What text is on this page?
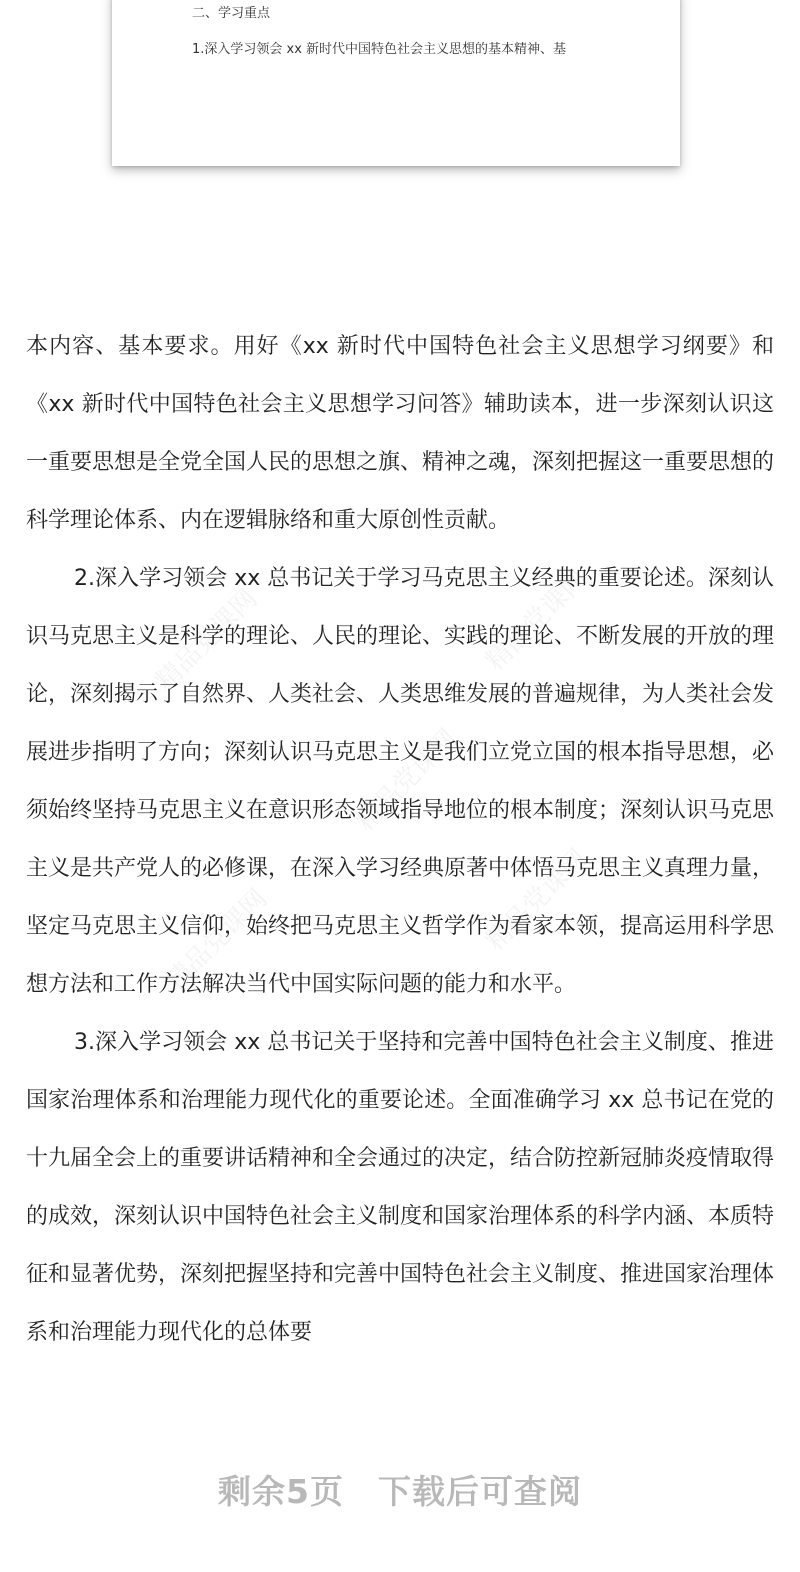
精品党课网	精品党课网
精品党课网
精品党课网	精品党课网
二、学习重点
1.深入学习领会 xx 新时代中国特色社会主义思想的基本精神、基

本内容、基本要求。用好《xx 新时代中国特色社会主义思想学习纲要》和《xx 新时代中国特色社会主义思想学习问答》辅助读本，进一步深刻认识这一重要思想是全党全国人民的思想之旗、精神之魂，深刻把握这一重要思想的科学理论体系、内在逻辑脉络和重大原创性贡献。

2.深入学习领会 xx 总书记关于学习马克思主义经典的重要论述。深刻认识马克思主义是科学的理论、人民的理论、实践的理论、不断发展的开放的理论，深刻揭示了自然界、人类社会、人类思维发展的普遍规律，为人类社会发展进步指明了方向；深刻认识马克思主义是我们立党立国的根本指导思想，必须始终坚持马克思主义在意识形态领域指导地位的根本制度；深刻认识马克思主义是共产党人的必修课，在深入学习经典原著中体悟马克思主义真理力量，坚定马克思主义信仰，始终把马克思主义哲学作为看家本领，提高运用科学思想方法和工作方法解决当代中国实际问题的能力和水平。

3.深入学习领会 xx 总书记关于坚持和完善中国特色社会主义制度、推进国家治理体系和治理能力现代化的重要论述。全面准确学习 xx 总书记在党的十九届全会上的重要讲话精神和全会通过的决定，结合防控新冠肺炎疫情取得的成效，深刻认识中国特色社会主义制度和国家治理体系的科学内涵、本质特征和显著优势，深刻把握坚持和完善中国特色社会主义制度、推进国家治理体系和治理能力现代化的总体要

剩余5页 下载后可查阅
